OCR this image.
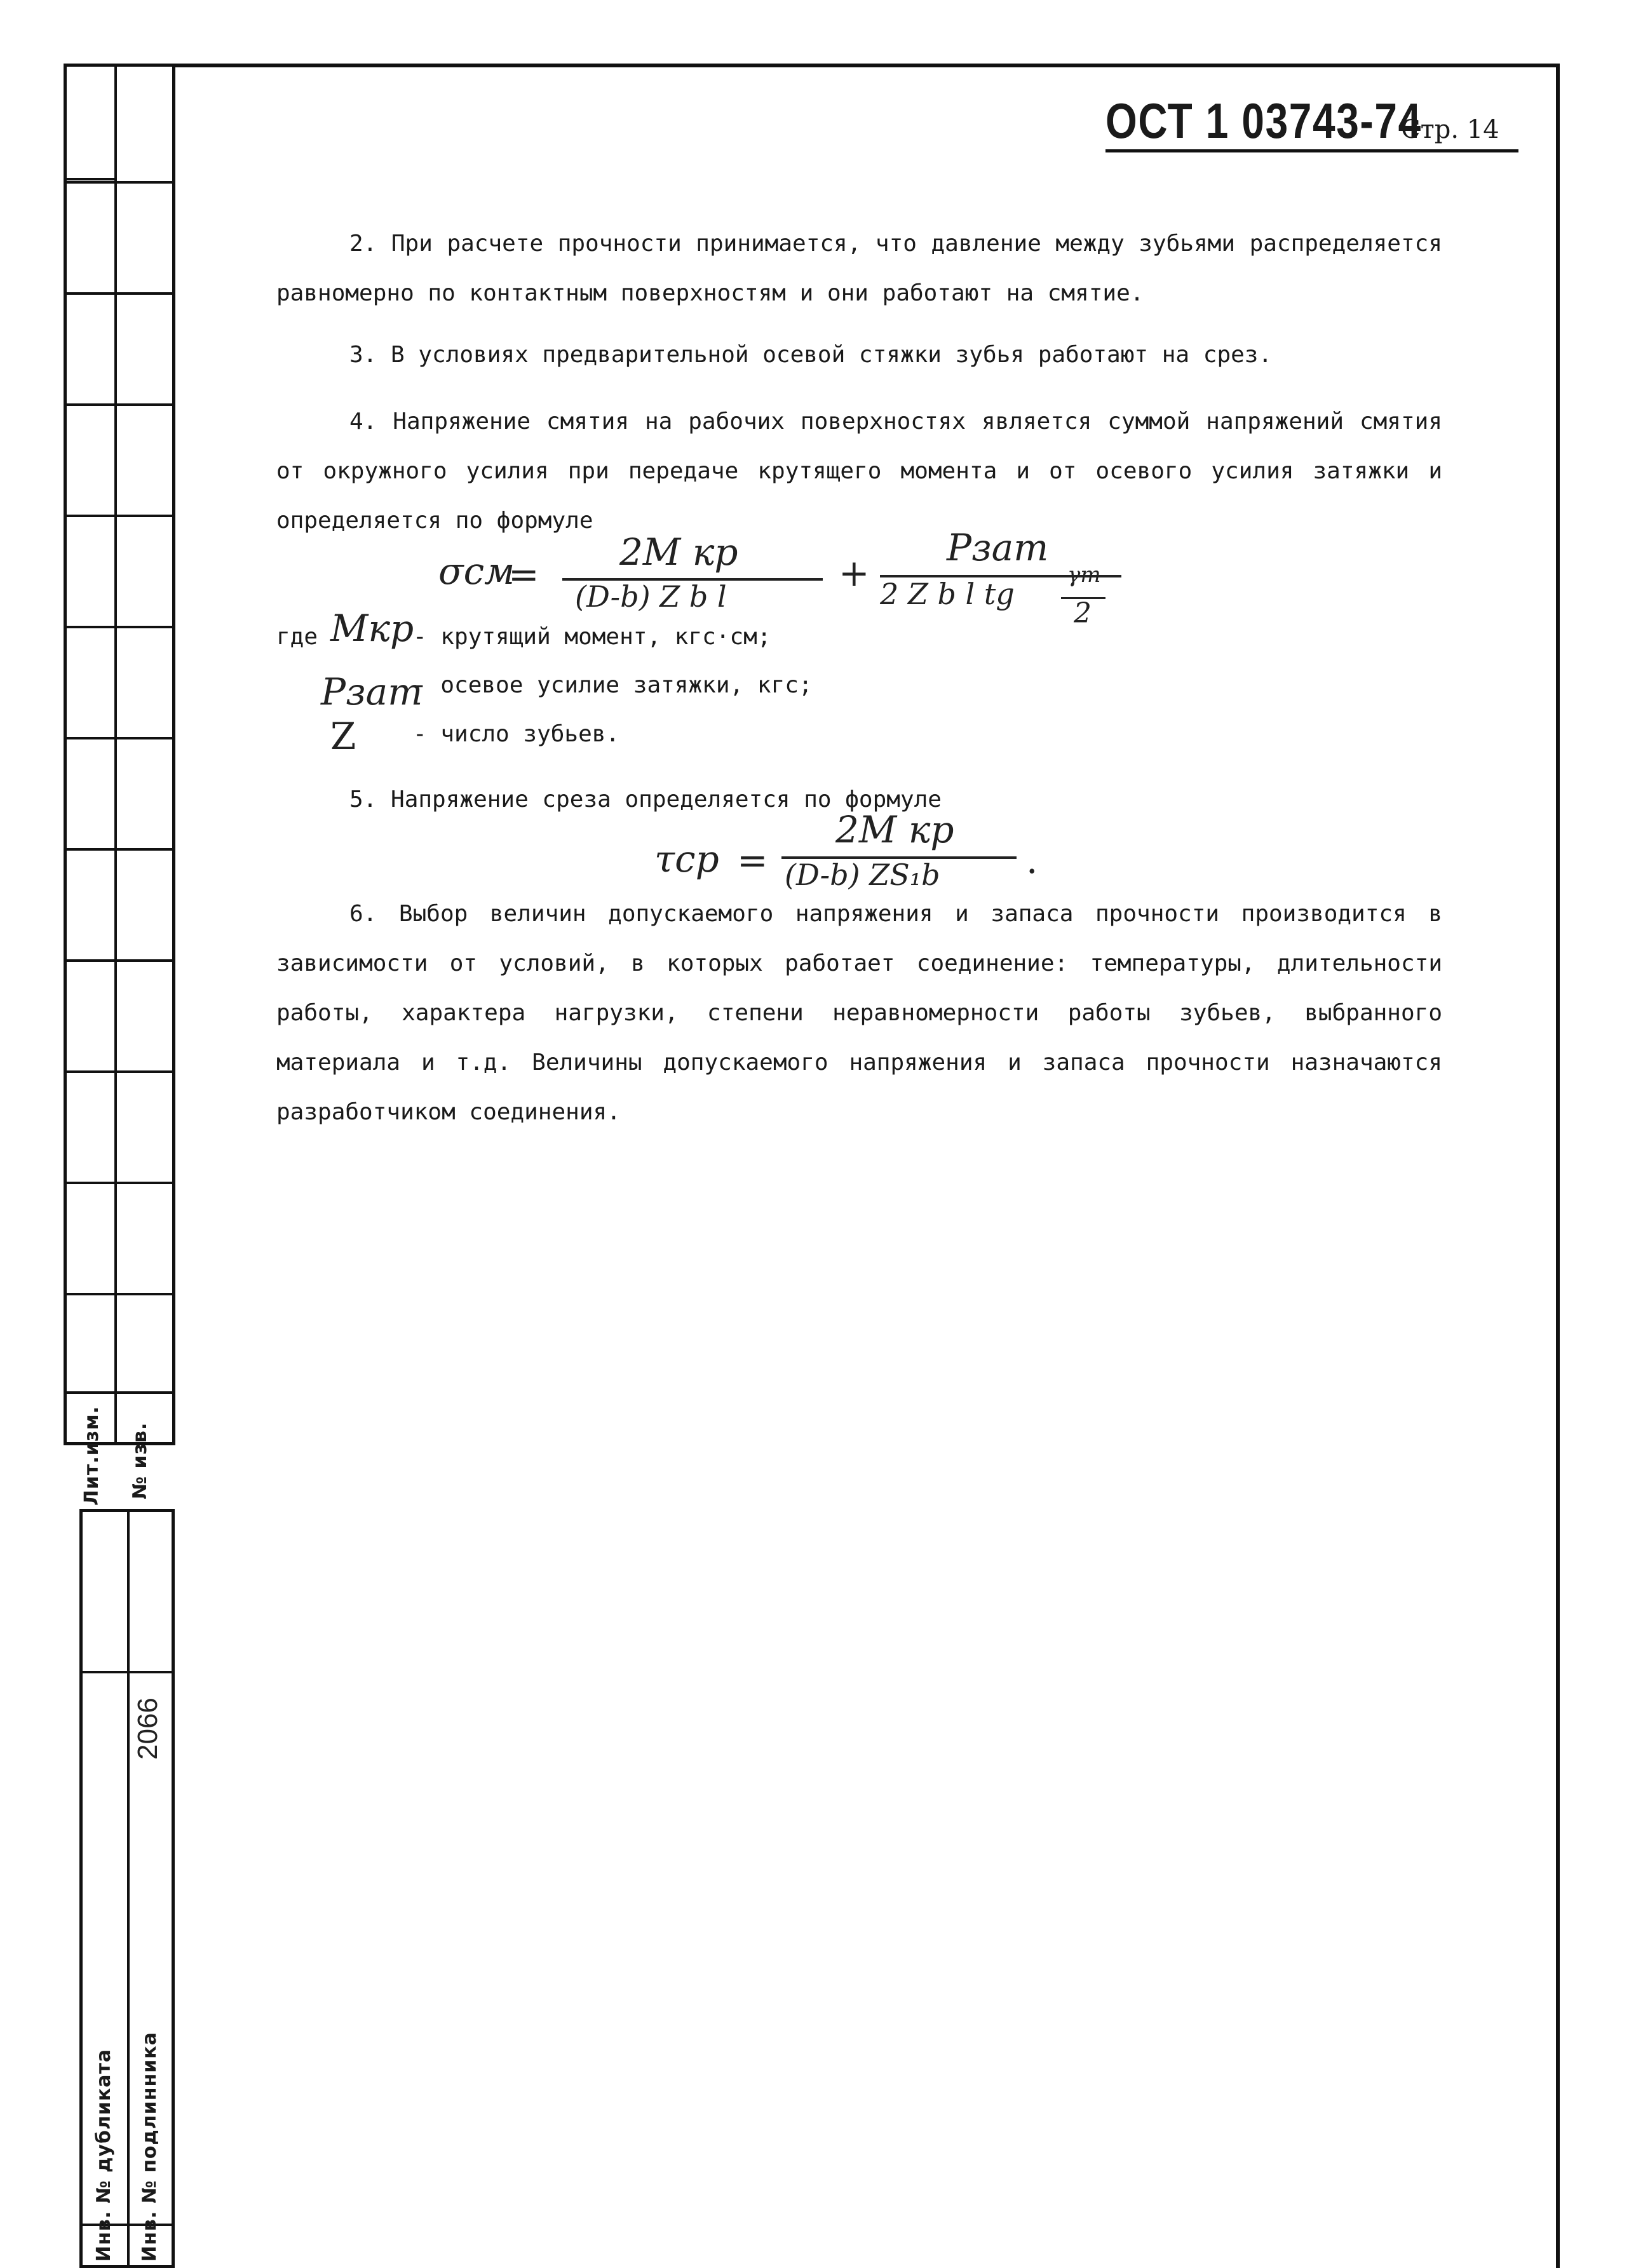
Лит.изм. № изв.
Инв. № дубликата Инв. № подлинника
2066
ОСТ 1 03743-74
Стр. 14
2. При расчете прочности принимается, что давление между зубьями распределяется равномерно по контактным поверхностям и они работают на смятие.
3. В условиях предварительной осевой стяжки зубья работают на срез.
4. Напряжение смятия на рабочих поверхностях является суммой напряжений смятия от окружного усилия при передаче крутящего момента и от осевого усилия затяжки и определяется по формуле
σсм
=
2M кр
(D-b) Z b l
+
Pзат
2 Z b l tg
γт
2
где Mкр
- крутящий момент, кгс·см;
Pзат
- осевое усилие затяжки, кгс;
Z - число зубьев.
5. Напряжение среза определяется по формуле
τср =
2M кр
(D-b) ZS₁b .
6. Выбор величин допускаемого напряжения и запаса прочности производится в зависимости от условий, в которых работает соединение: температуры, длительности работы, характера нагрузки, степени неравномерности работы зубьев, выбранного материала и т.д. Величины допускаемого напряжения и запаса прочности назначаются разработчиком соединения.
